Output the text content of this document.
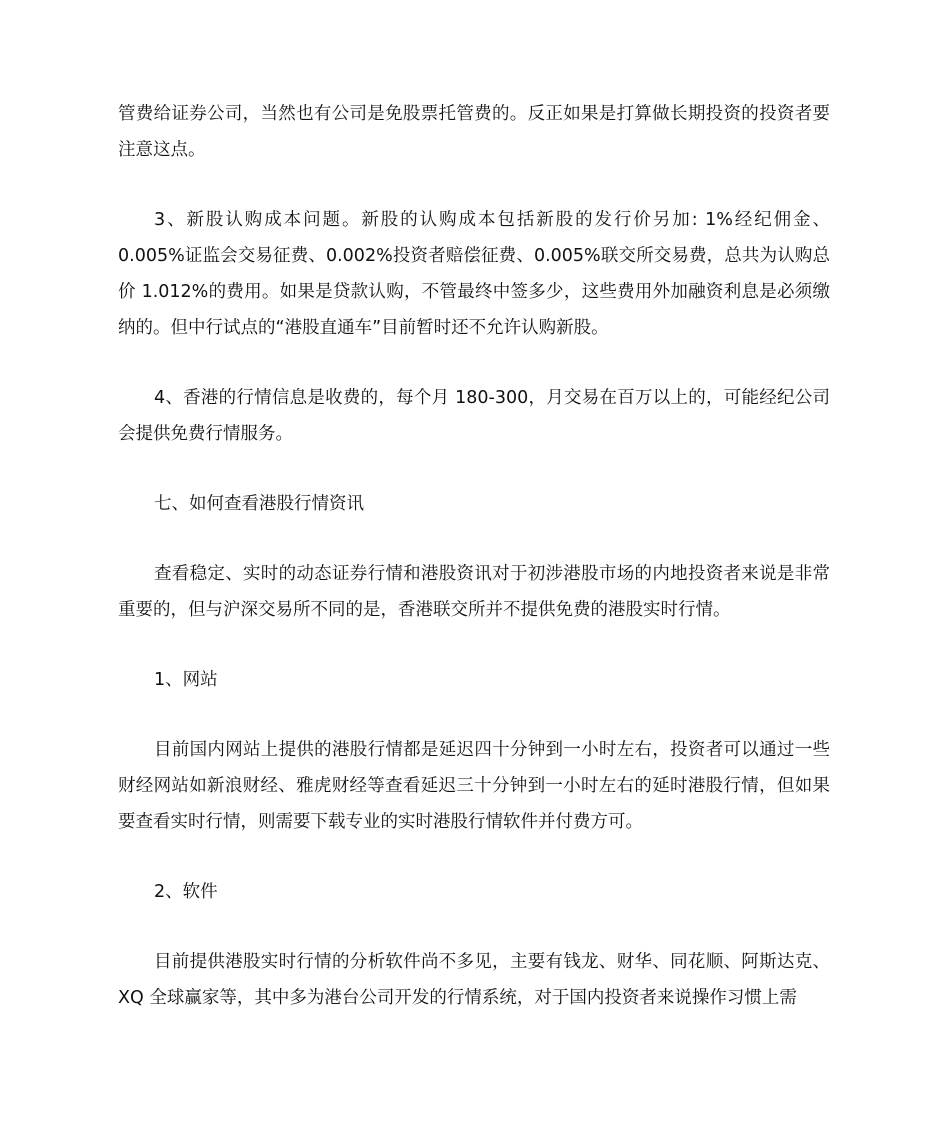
管费给证券公司，当然也有公司是免股票托管费的。反正如果是打算做长期投资的投资者要注意这点。

3、新股认购成本问题。新股的认购成本包括新股的发行价另加: 1%经纪佣金、0.005%证监会交易征费、0.002%投资者赔偿征费、0.005%联交所交易费，总共为认购总价 1.012%的费用。如果是贷款认购，不管最终中签多少，这些费用外加融资利息是必须缴纳的。但中行试点的“港股直通车”目前暂时还不允许认购新股。

4、香港的行情信息是收费的，每个月 180-300，月交易在百万以上的，可能经纪公司会提供免费行情服务。

七、如何查看港股行情资讯

查看稳定、实时的动态证券行情和港股资讯对于初涉港股市场的内地投资者来说是非常重要的，但与沪深交易所不同的是，香港联交所并不提供免费的港股实时行情。

1、网站

目前国内网站上提供的港股行情都是延迟四十分钟到一小时左右，投资者可以通过一些财经网站如新浪财经、雅虎财经等查看延迟三十分钟到一小时左右的延时港股行情，但如果要查看实时行情，则需要下载专业的实时港股行情软件并付费方可。

2、软件

目前提供港股实时行情的分析软件尚不多见，主要有钱龙、财华、同花顺、阿斯达克、XQ 全球赢家等，其中多为港台公司开发的行情系统，对于国内投资者来说操作习惯上需
